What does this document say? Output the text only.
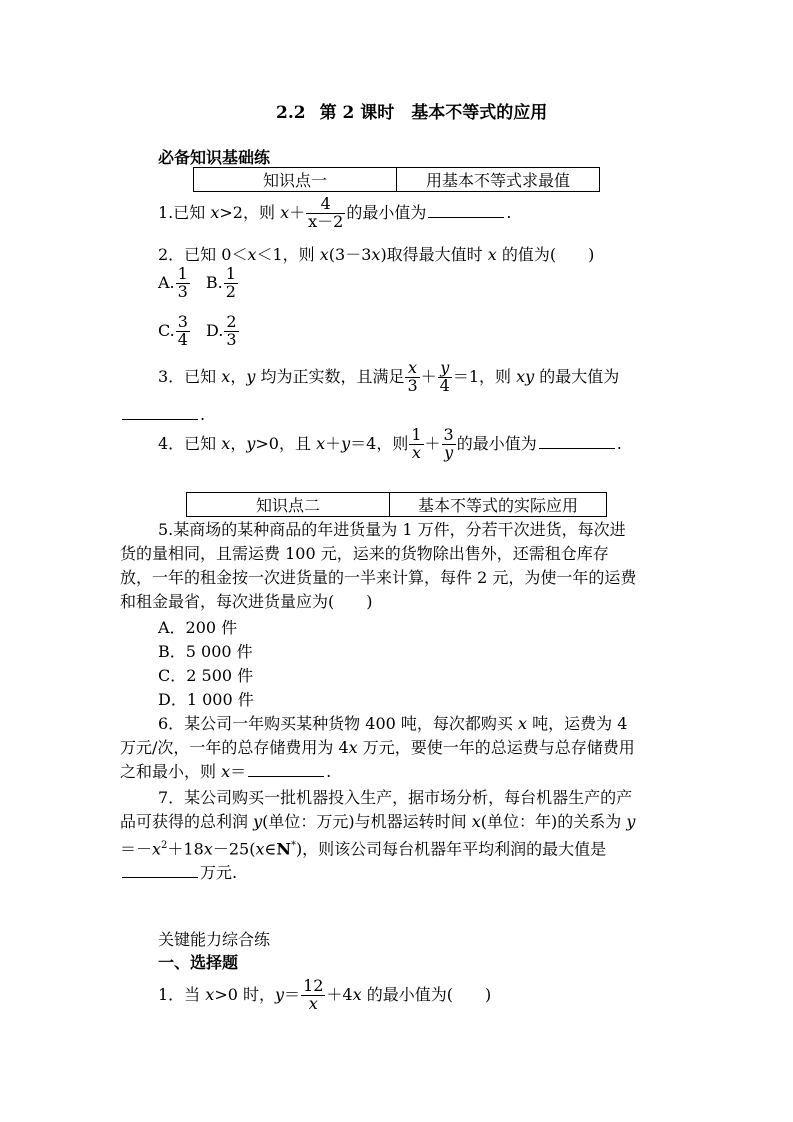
2.2 第 2 课时　基本不等式的应用
必备知识基础练
知识点一	用基本不等式求最值
1.已知 x>2，则 $x+ \frac{4}{x-2}$ 的最小值为	.
2．已知 0＜x＜1，则 x(3－3x)取得最大值时 x 的值为(　　)
A. $\frac{1}{3} B$. $\frac{1}{2}$
C. $\frac{3}{4} D$. $\frac{2}{3}$
3．已知 x，y 均为正实数，且满足 $\frac{x}{3} + \frac{y}{4} =1$，则 xy 的最大值为
.
4．已知 x，y>0，且 x＋y＝4，则 $\frac{1}{x} + \frac{3}{y}$ 的最小值为	.
知识点二	基本不等式的实际应用
5.某商场的某种商品的年进货量为 1 万件，分若干次进货，每次进货的量相同，且需运费 100 元，运来的货物除出售外，还需租仓库存放，一年的租金按一次进货量的一半来计算，每件 2 元，为使一年的运费和租金最省，每次进货量应为(　　)
A．200 件
B．5 000 件
C．2 500 件
D．1 000 件
6．某公司一年购买某种货物 400 吨，每次都购买 x 吨，运费为 4 万元/次，一年的总存储费用为 4x 万元，要使一年的总运费与总存储费用之和最小，则 x＝	.
7．某公司购买一批机器投入生产，据市场分析，每台机器生产的产品可获得的总利润 y(单位：万元)与机器运转时间 x(单位：年)的关系为 $y=-x^2+18x-25(x\in N^*)$，则该公司每台机器年平均利润的最大值是万元.
关键能力综合练
一、选择题
1．当 x>0 时，$y= \frac{12}{x} +4x$ 的最小值为(　　)
